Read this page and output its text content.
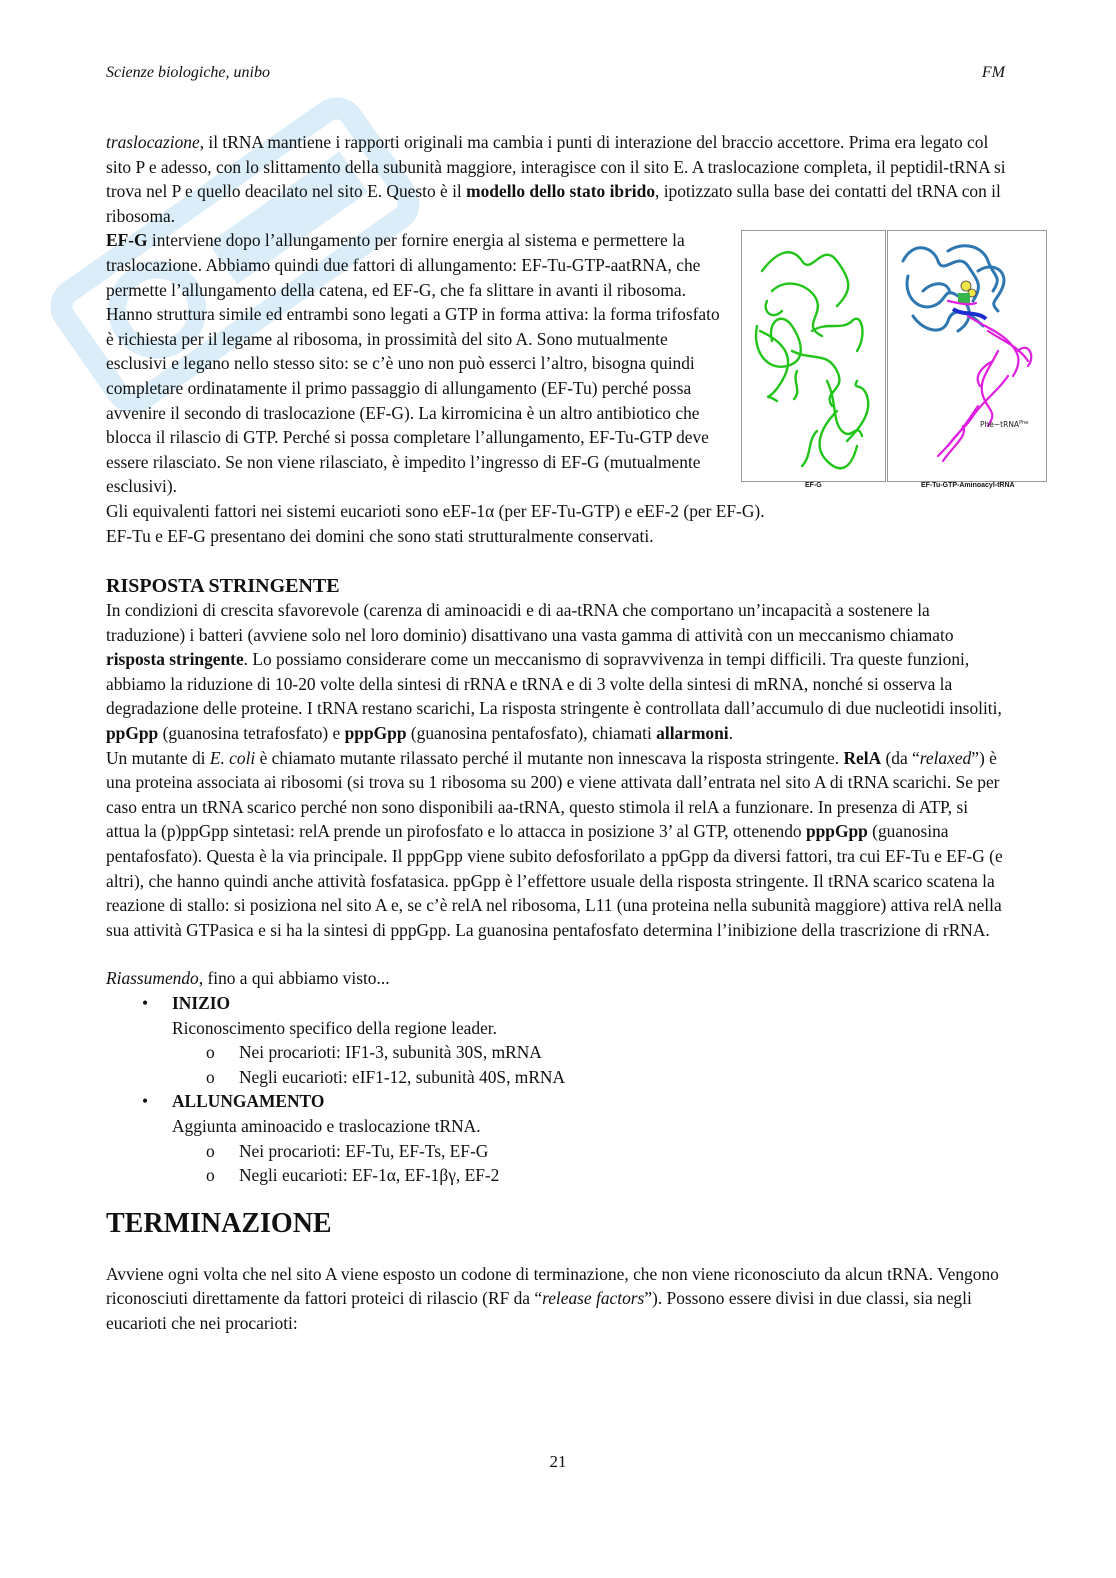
Scienze biologiche, unibo	FM
Phe~tRNA$^{Phe}$
EF-G	EF-Tu-GTP-Aminoacyl-tRNA

traslocazione, il tRNA mantiene i rapporti originali ma cambia i punti di interazione del braccio accettore. Prima era legato col sito P e adesso, con lo slittamento della subunità maggiore, interagisce con il sito E. A traslocazione completa, il peptidil-tRNA si trova nel P e quello deacilato nel sito E. Questo è il modello dello stato ibrido, ipotizzato sulla base dei contatti del tRNA con il ribosoma.

EF-G interviene dopo l’allungamento per fornire energia al sistema e permettere la traslocazione. Abbiamo quindi due fattori di allungamento: EF-Tu-GTP-aatRNA, che permette l’allungamento della catena, ed EF-G, che fa slittare in avanti il ribosoma. Hanno struttura simile ed entrambi sono legati a GTP in forma attiva: la forma trifosfato è richiesta per il legame al ribosoma, in prossimità del sito A. Sono mutualmente esclusivi e legano nello stesso sito: se c’è uno non può esserci l’altro, bisogna quindi completare ordinatamente il primo passaggio di allungamento (EF-Tu) perché possa avvenire il secondo di traslocazione (EF-G). La kirromicina è un altro antibiotico che blocca il rilascio di GTP. Perché si possa completare l’allungamento, EF-Tu-GTP deve essere rilasciato. Se non viene rilasciato, è impedito l’ingresso di EF-G (mutualmente esclusivi).

Gli equivalenti fattori nei sistemi eucarioti sono eEF-1α (per EF-Tu-GTP) e eEF-2 (per EF-G).

EF-Tu e EF-G presentano dei domini che sono stati strutturalmente conservati.

RISPOSTA STRINGENTE

In condizioni di crescita sfavorevole (carenza di aminoacidi e di aa-tRNA che comportano un’incapacità a sostenere la traduzione) i batteri (avviene solo nel loro dominio) disattivano una vasta gamma di attività con un meccanismo chiamato risposta stringente. Lo possiamo considerare come un meccanismo di sopravvivenza in tempi difficili. Tra queste funzioni, abbiamo la riduzione di 10-20 volte della sintesi di rRNA e tRNA e di 3 volte della sintesi di mRNA, nonché si osserva la degradazione delle proteine. I tRNA restano scarichi, La risposta stringente è controllata dall’accumulo di due nucleotidi insoliti, ppGpp (guanosina tetrafosfato) e pppGpp (guanosina pentafosfato), chiamati allarmoni.

Un mutante di E. coli è chiamato mutante rilassato perché il mutante non innescava la risposta stringente. RelA (da “relaxed”) è una proteina associata ai ribosomi (si trova su 1 ribosoma su 200) e viene attivata dall’entrata nel sito A di tRNA scarichi. Se per caso entra un tRNA scarico perché non sono disponibili aa-tRNA, questo stimola il relA a funzionare. In presenza di ATP, si attua la (p)ppGpp sintetasi: relA prende un pirofosfato e lo attacca in posizione 3’ al GTP, ottenendo pppGpp (guanosina pentafosfato). Questa è la via principale. Il pppGpp viene subito defosforilato a ppGpp da diversi fattori, tra cui EF-Tu e EF-G (e altri), che hanno quindi anche attività fosfatasica. ppGpp è l’effettore usuale della risposta stringente. Il tRNA scarico scatena la reazione di stallo: si posiziona nel sito A e, se c’è relA nel ribosoma, L11 (una proteina nella subunità maggiore) attiva relA nella sua attività GTPasica e si ha la sintesi di pppGpp. La guanosina pentafosfato determina l’inibizione della trascrizione di rRNA.

Riassumendo, fino a qui abbiamo visto...

• INIZIO
Riconoscimento specifico della regione leader.
o Nei procarioti: IF1-3, subunità 30S, mRNA
o Negli eucarioti: eIF1-12, subunità 40S, mRNA
• ALLUNGAMENTO
Aggiunta aminoacido e traslocazione tRNA.
o Nei procarioti: EF-Tu, EF-Ts, EF-G
o Negli eucarioti: EF-1α, EF-1βγ, EF-2
TERMINAZIONE

Avviene ogni volta che nel sito A viene esposto un codone di terminazione, che non viene riconosciuto da alcun tRNA. Vengono riconosciuti direttamente da fattori proteici di rilascio (RF da “release factors”). Possono essere divisi in due classi, sia negli eucarioti che nei procarioti:

21
